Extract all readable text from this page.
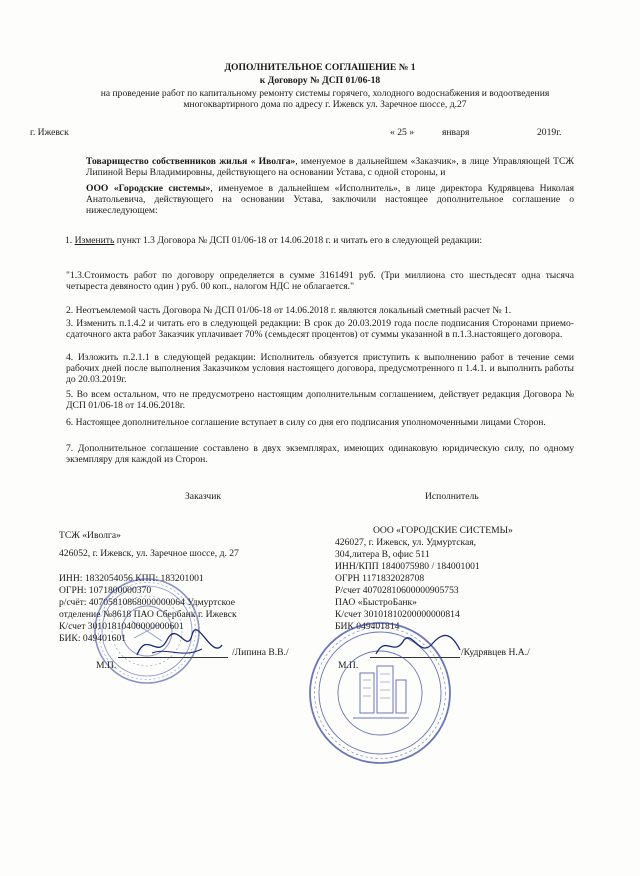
ДОПОЛНИТЕЛЬНОЕ СОГЛАШЕНИЕ № 1
к Договору № ДСП 01/06-18
на проведение работ по капитальному ремонту системы горячего, холодного водоснабжения и водоотведения
многоквартирного дома по адресу г. Ижевск ул. Заречное шоссе, д.27
г. Ижевск	« 25 »	января	2019г.
Товарищество собственников жилья « Иволга», именуемое в дальнейшем «Заказчик», в лице Управляющей ТСЖ Липиной Веры Владимировны, действующего на основании Устава, с одной стороны, и
ООО «Городские системы», именуемое в дальнейшем «Исполнитель», в лице директора Кудрявцева Николая Анатольевича, действующего на основании Устава, заключили настоящее дополнительное соглашение о нижеследующем:
1. Изменить пункт 1.3 Договора № ДСП 01/06-18 от 14.06.2018 г. и читать его в следующей редакции:
"1.3.Стоимость работ по договору определяется в сумме 3161491 руб. (Три миллиона сто шестьдесят одна тысяча четыреста девяносто один ) руб. 00 коп., налогом НДС не облагается."
2. Неотъемлемой часть Договора № ДСП 01/06-18 от 14.06.2018 г. являются локальный сметный расчет № 1.
3. Изменить п.1.4.2 и читать его в следующей редакции: В срок до 20.03.2019 года после подписания Сторонами приемо-сдаточного акта работ Заказчик уплачивает 70% (семьдесят процентов) от суммы указанной в п.1.3.настоящего договора.
4. Изложить п.2.1.1 в следующей редакции: Исполнитель обязуется приступить к выполнению работ в течение семи рабочих дней после выполнения Заказчиком условия настоящего договора, предусмотренного п 1.4.1. и выполнить работы до 20.03.2019г.
5. Во всем остальном, что не предусмотрено настоящим дополнительным соглашением, действует редакция Договора № ДСП 01/06-18 от 14.06.2018г.
6. Настоящее дополнительное соглашение вступает в силу со дня его подписания уполномоченными лицами Сторон.
7. Дополнительное соглашение составлено в двух экземплярах, имеющих одинаковую юридическую силу, по одному экземпляру для каждой из Сторон.
Заказчик	Исполнитель
ТСЖ «Иволга»
426052, г. Ижевск, ул. Заречное шоссе, д. 27
ИНН: 1832054056 КПП: 183201001
ОГРН: 1071800000370
р/счёт: 40705810868000000064 Удмуртское
отделение №8618 ПАО Сбербанк г. Ижевск
К/счет 30101810400000000601
БИК: 049401601
ООО «ГОРОДСКИЕ СИСТЕМЫ»
426027, г. Ижевск, ул. Удмуртская,
304,литера В, офис 511
ИНН/КПП 1840075980 / 184001001
ОГРН 1171832028708
Р/счет 40702810600000905753
ПАО «БыстроБанк»
К/счет 30101810200000000814
БИК 049401814
/Липина В.В./
М.П.
/Кудрявцев Н.А./
М.П.
